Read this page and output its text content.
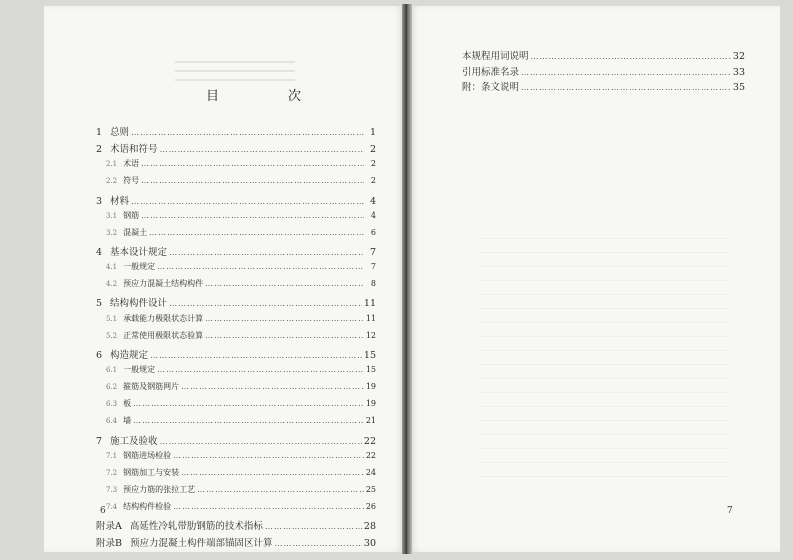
目　次
1 总则 …………………………………………………………………………………………………………………………………………………………………………	1
2 术语和符号 …………………………………………………………………………………………………………………………………………………………………………	2
2.1 术语 …………………………………………………………………………………………………………………………………………………………………………	2
2.2 符号 …………………………………………………………………………………………………………………………………………………………………………	2
3 材料 …………………………………………………………………………………………………………………………………………………………………………	4
3.1 钢筋 …………………………………………………………………………………………………………………………………………………………………………	4
3.2 混凝土 …………………………………………………………………………………………………………………………………………………………………………	6
4 基本设计规定 …………………………………………………………………………………………………………………………………………………………………………	7
4.1 一般规定 …………………………………………………………………………………………………………………………………………………………………………	7
4.2 预应力混凝土结构构件 …………………………………………………………………………………………………………………………………………………………………………	8
5 结构构件设计 …………………………………………………………………………………………………………………………………………………………………………	11
5.1 承载能力极限状态计算 …………………………………………………………………………………………………………………………………………………………………………	11
5.2 正常使用极限状态验算 …………………………………………………………………………………………………………………………………………………………………………	12
6 构造规定 …………………………………………………………………………………………………………………………………………………………………………	15
6.1 一般规定 …………………………………………………………………………………………………………………………………………………………………………	15
6.2 箍筋及钢筋网片 …………………………………………………………………………………………………………………………………………………………………………	19
6.3 板 …………………………………………………………………………………………………………………………………………………………………………	19
6.4 墙 …………………………………………………………………………………………………………………………………………………………………………	21
7 施工及验收 …………………………………………………………………………………………………………………………………………………………………………	22
7.1 钢筋进场检验 …………………………………………………………………………………………………………………………………………………………………………	22
7.2 钢筋加工与安装 …………………………………………………………………………………………………………………………………………………………………………	24
7.3 预应力筋的张拉工艺 …………………………………………………………………………………………………………………………………………………………………………	25
7.4 结构构件检验 …………………………………………………………………………………………………………………………………………………………………………	26
附录A 高延性冷轧带肋钢筋的技术指标 …………………………………………………………………………………………………………………………………………………………………………	28
附录B 预应力混凝土构件端部锚固区计算 …………………………………………………………………………………………………………………………………………………………………………	30
本规程用词说明 …………………………………………………………………………………………………………………………………………………………………………	32
引用标准名录 …………………………………………………………………………………………………………………………………………………………………………	33
附：条文说明 …………………………………………………………………………………………………………………………………………………………………………	35
6	7
